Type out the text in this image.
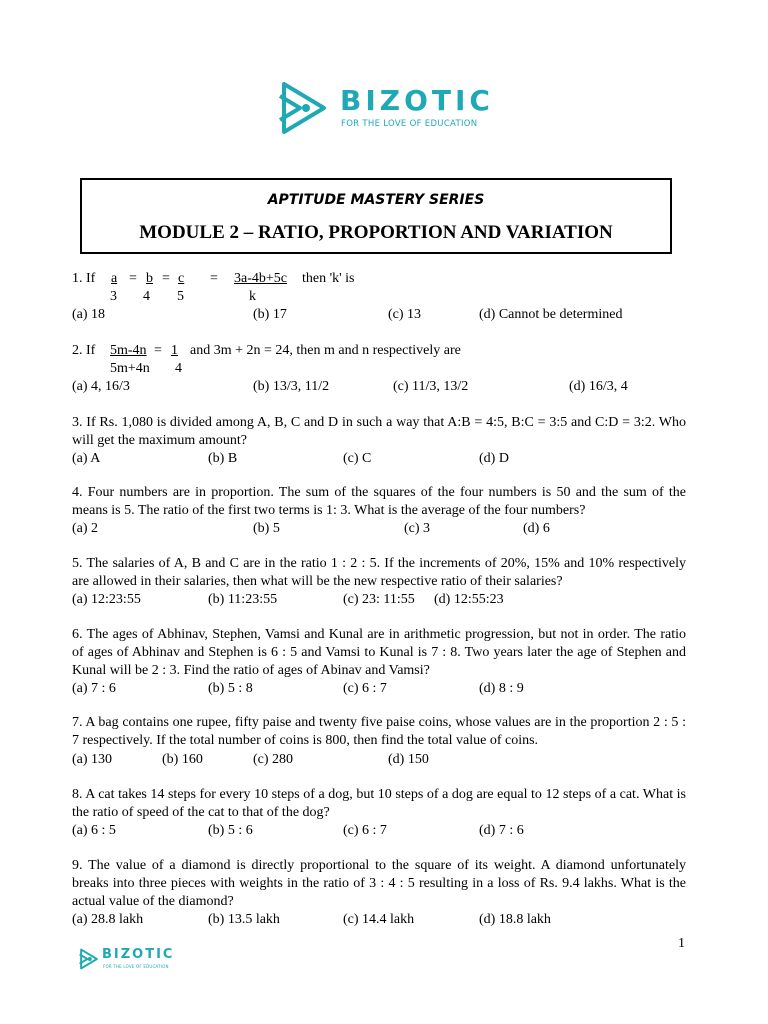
BIZOTIC
FOR THE LOVE OF EDUCATION
APTITUDE MASTERY SERIES
MODULE 2 – RATIO, PROPORTION AND VARIATION
1. If a = b = c = 3a-4b+5c then 'k' is
3 4 5	k
(a) 18	(b) 17	(c) 13	(d) Cannot be determined
2. If 5m-4n = 1 and 3m + 2n = 24, then m and n respectively are
5m+4n 4
(a) 4, 16/3	(b) 13/3, 11/2	(c) 11/3, 13/2	(d) 16/3, 4
3. If Rs. 1,080 is divided among A, B, C and D in such a way that A:B = 4:5, B:C = 3:5 and C:D = 3:2. Who will get the maximum amount?
(a) A	(b) B	(c) C	(d) D
4. Four numbers are in proportion. The sum of the squares of the four numbers is 50 and the sum of the means is 5. The ratio of the first two terms is 1: 3. What is the average of the four numbers?
(a) 2	(b) 5	(c) 3	(d) 6
5. The salaries of A, B and C are in the ratio 1 : 2 : 5. If the increments of 20%, 15% and 10% respectively are allowed in their salaries, then what will be the new respective ratio of their salaries?
(a) 12:23:55	(b) 11:23:55	(c) 23: 11:55 (d) 12:55:23
6. The ages of Abhinav, Stephen, Vamsi and Kunal are in arithmetic progression, but not in order. The ratio of ages of Abhinav and Stephen is 6 : 5 and Vamsi to Kunal is 7 : 8. Two years later the age of Stephen and Kunal will be 2 : 3. Find the ratio of ages of Abinav and Vamsi?
(a) 7 : 6	(b) 5 : 8	(c) 6 : 7	(d) 8 : 9
7. A bag contains one rupee, fifty paise and twenty five paise coins, whose values are in the proportion 2 : 5 : 7 respectively. If the total number of coins is 800, then find the total value of coins.
(a) 130	(b) 160	(c) 280	(d) 150
8. A cat takes 14 steps for every 10 steps of a dog, but 10 steps of a dog are equal to 12 steps of a cat. What is the ratio of speed of the cat to that of the dog?
(a) 6 : 5	(b) 5 : 6	(c) 6 : 7	(d) 7 : 6
9. The value of a diamond is directly proportional to the square of its weight. A diamond unfortunately breaks into three pieces with weights in the ratio of 3 : 4 : 5 resulting in a loss of Rs. 9.4 lakhs. What is the actual value of the diamond?
(a) 28.8 lakh	(b) 13.5 lakh	(c) 14.4 lakh	(d) 18.8 lakh
1
BIZOTIC
FOR THE LOVE OF EDUCATION
